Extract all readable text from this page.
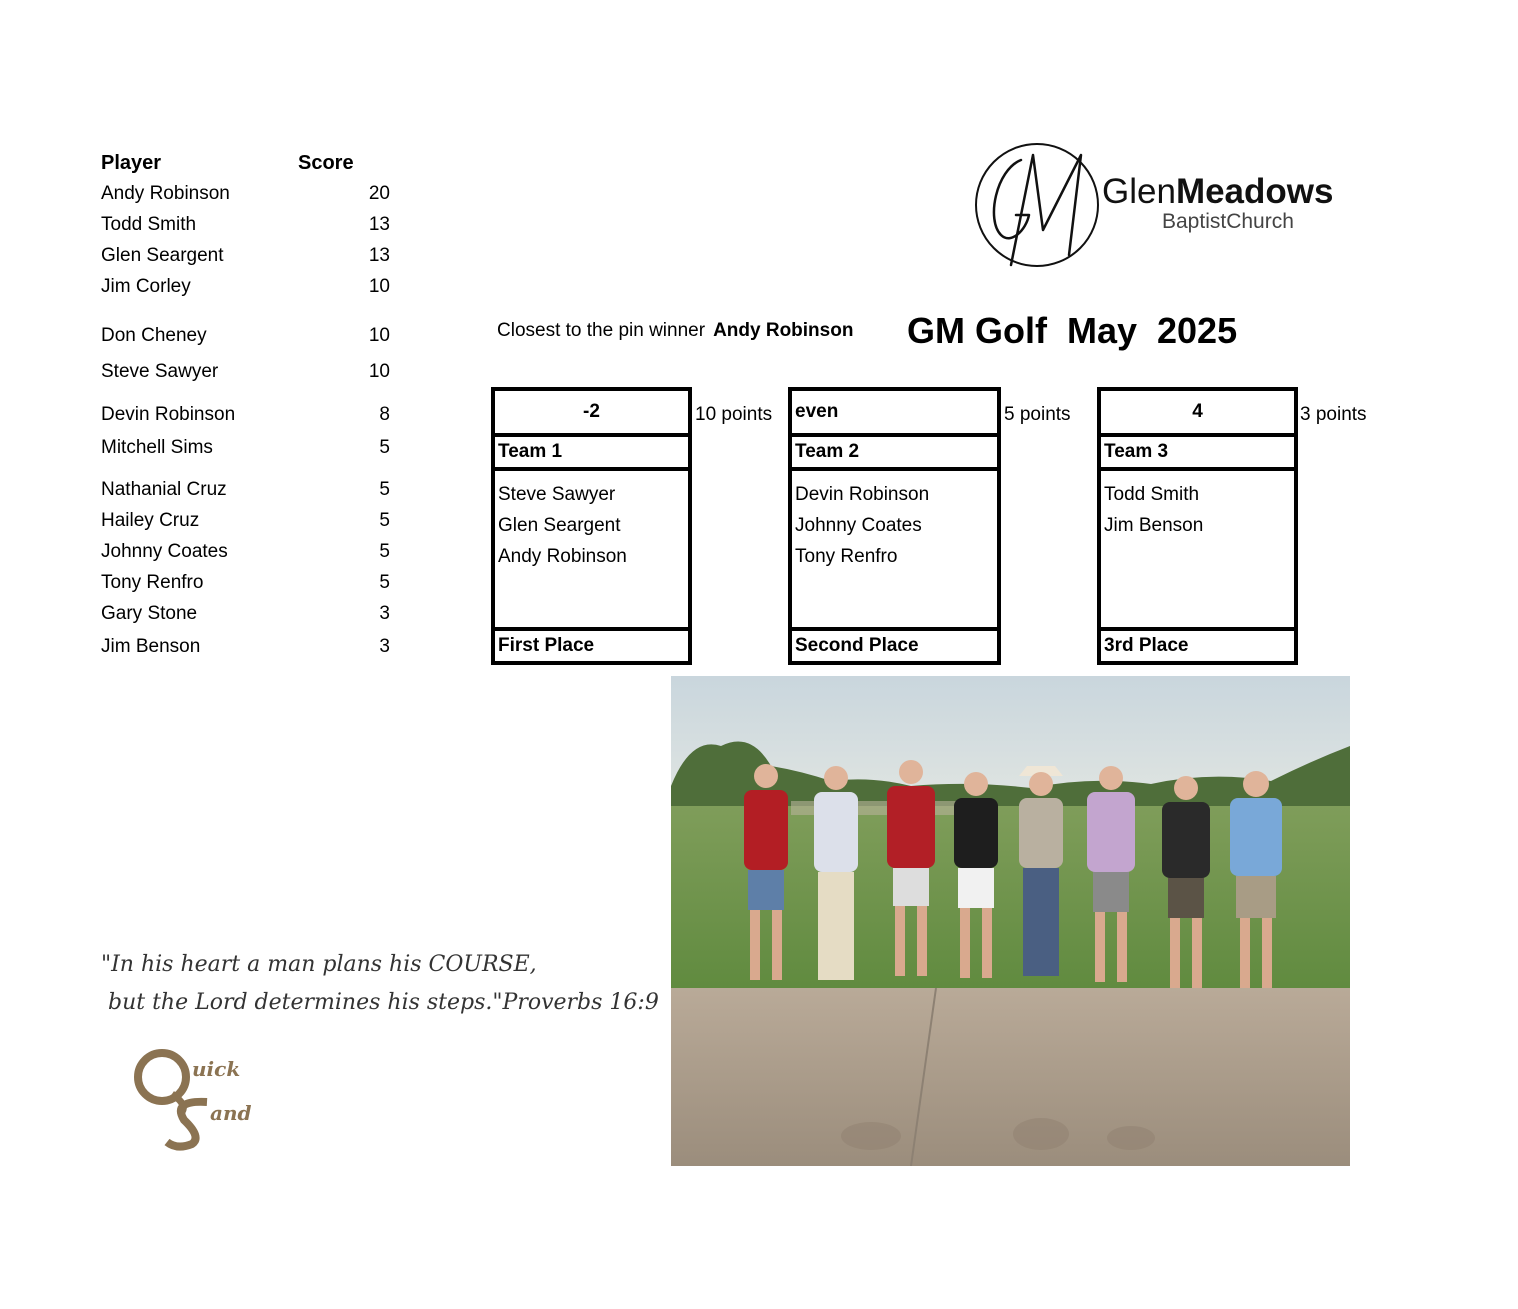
Player	Score
Andy Robinson	20
Todd Smith	13
Glen Seargent	13
Jim Corley	10
Don Cheney	10
Steve Sawyer	10
Devin Robinson	8
Mitchell Sims	5
Nathanial Cruz	5
Hailey Cruz	5
Johnny Coates	5
Tony Renfro	5
Gary Stone	3
Jim Benson	3
GlenMeadows
BaptistChurch
Closest to the pin winner Andy Robinson GM Golf  May  2025
-2
Team 1
Steve Sawyer
Glen Seargent
Andy Robinson
First Place
10 points even
Team 2
Devin Robinson
Johnny Coates
Tony Renfro
Second Place
5 points	4
Team 3
Todd Smith
Jim Benson
3rd Place
3 points
"In his heart a man plans his COURSE,
but the Lord determines his steps."Proverbs 16:9
uick
and
